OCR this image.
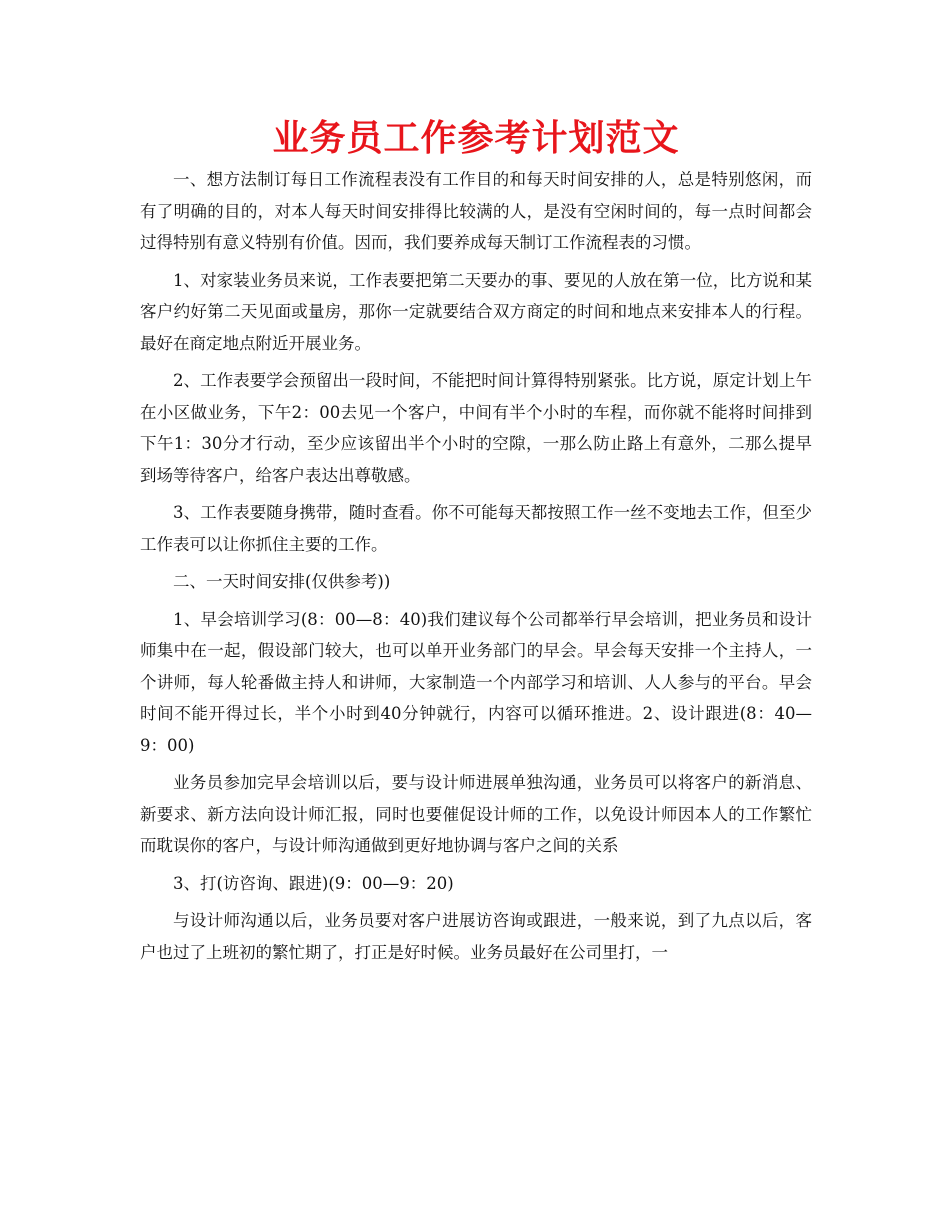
业务员工作参考计划范文

一、想方法制订每日工作流程表没有工作目的和每天时间安排的人，总是特别悠闲，而有了明确的目的，对本人每天时间安排得比较满的人，是没有空闲时间的，每一点时间都会过得特别有意义特别有价值。因而，我们要养成每天制订工作流程表的习惯。

1、对家装业务员来说，工作表要把第二天要办的事、要见的人放在第一位，比方说和某客户约好第二天见面或量房，那你一定就要结合双方商定的时间和地点来安排本人的行程。最好在商定地点附近开展业务。

2、工作表要学会预留出一段时间，不能把时间计算得特别紧张。比方说，原定计划上午在小区做业务，下午2：00去见一个客户，中间有半个小时的车程，而你就不能将时间排到下午1：30分才行动，至少应该留出半个小时的空隙，一那么防止路上有意外，二那么提早到场等待客户，给客户表达出尊敬感。

3、工作表要随身携带，随时查看。你不可能每天都按照工作一丝不变地去工作，但至少工作表可以让你抓住主要的工作。

二、一天时间安排(仅供参考))

1、早会培训学习(8：00—8：40)我们建议每个公司都举行早会培训，把业务员和设计师集中在一起，假设部门较大，也可以单开业务部门的早会。早会每天安排一个主持人，一个讲师，每人轮番做主持人和讲师，大家制造一个内部学习和培训、人人参与的平台。早会时间不能开得过长，半个小时到40分钟就行，内容可以循环推进。2、设计跟进(8：40—9：00)

业务员参加完早会培训以后，要与设计师进展单独沟通，业务员可以将客户的新消息、新要求、新方法向设计师汇报，同时也要催促设计师的工作，以免设计师因本人的工作繁忙而耽误你的客户，与设计师沟通做到更好地协调与客户之间的关系

3、打(访咨询、跟进)(9：00—9：20)

与设计师沟通以后，业务员要对客户进展访咨询或跟进，一般来说，到了九点以后，客户也过了上班初的繁忙期了，打正是好时候。业务员最好在公司里打，一
